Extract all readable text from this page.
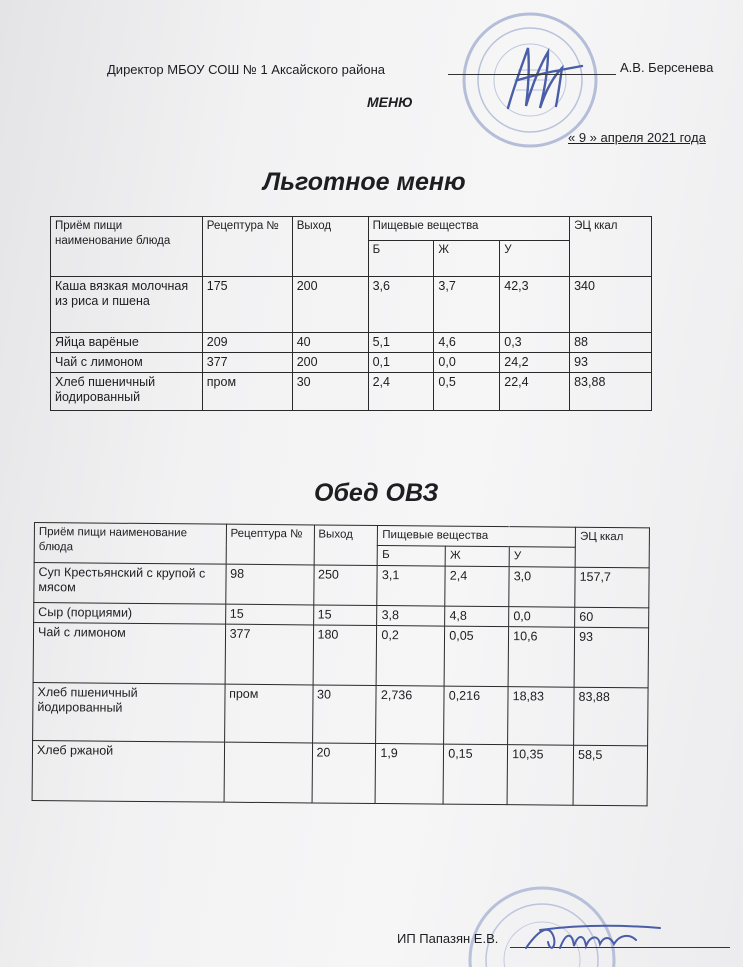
Директор МБОУ СОШ № 1 Аксайского района	А.В. Берсенева
МЕНЮ
« 9 » апреля 2021 года
Льготное меню
Приём пищи наименование блюда	Рецептура №	Выход	Пищевые вещества			ЭЦ ккал
			Б	Ж	У	
Каша вязкая молочная из риса и пшена	175	200	3,6	3,7	42,3	340
Яйца варёные	209	40	5,1	4,6	0,3	88
Чай с лимоном	377	200	0,1	0,0	24,2	93
Хлеб пшеничный йодированный	пром	30	2,4	0,5	22,4	83,88
Обед ОВЗ
Приём пищи наименование блюда	Рецептура №	Выход	Пищевые вещества			ЭЦ ккал
			Б	Ж	У	
Суп Крестьянский с крупой с мясом	98	250	3,1	2,4	3,0	157,7
Сыр (порциями)	15	15	3,8	4,8	0,0	60
Чай с лимоном	377	180	0,2	0,05	10,6	93
Хлеб пшеничный йодированный	пром	30	2,736	0,216	18,83	83,88
Хлеб ржаной		20	1,9	0,15	10,35	58,5
ИП Папазян Е.В.
